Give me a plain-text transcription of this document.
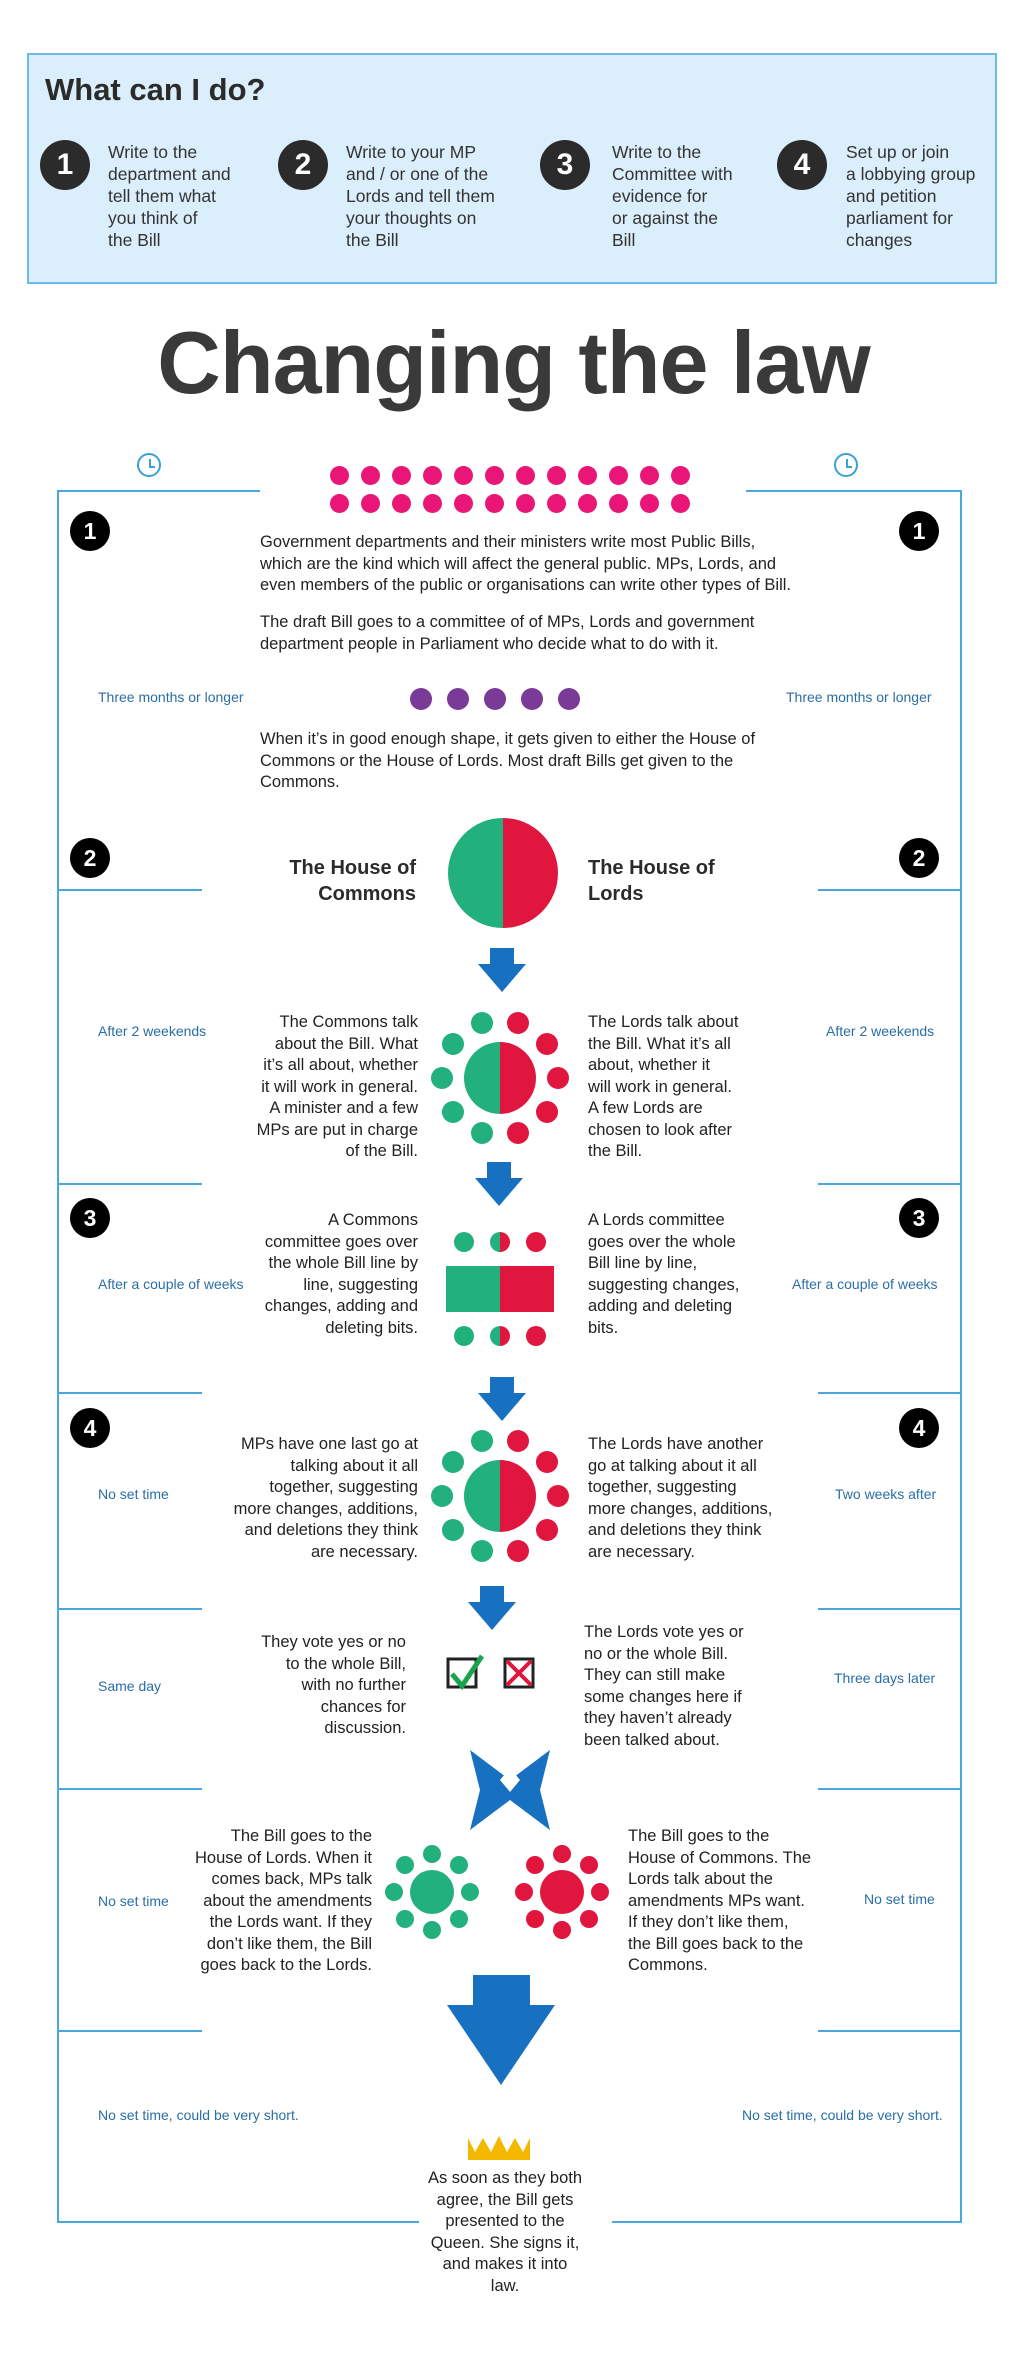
What can I do?
1	Write to the
department and
tell them what
you think of
the Bill
2	Write to your MP
and / or one of the
Lords and tell them
your thoughts on
the Bill
3	Write to the
Committee with
evidence for
or against the
Bill
4	Set up or join
a lobbying group
and petition
parliament for
changes
Changing the law
1	1
2	2
3	3
4	4
Three months or longer	Three months or longer
After 2 weekends	After 2 weekends
After a couple of weeks	After a couple of weeks
No set time	Two weeks after
Same day	Three days later
No set time	No set time
No set time, could be very short.	No set time, could be very short.
Government departments and their ministers write most Public Bills,
which are the kind which will affect the general public. MPs, Lords, and
even members of the public or organisations can write other types of Bill.
The draft Bill goes to a committee of of MPs, Lords and government
department people in Parliament who decide what to do with it.
When it’s in good enough shape, it gets given to either the House of
Commons or the House of Lords. Most draft Bills get given to the
Commons.
The House of
Commons
The House of
Lords
The Commons talk
about the Bill. What
it’s all about, whether
it will work in general.
A minister and a few
MPs are put in charge
of the Bill.
The Lords talk about
the Bill. What it’s all
about, whether it
will work in general.
A few Lords are
chosen to look after
the Bill.
A Commons
committee goes over
the whole Bill line by
line, suggesting
changes, adding and
deleting bits.
A Lords committee
goes over the whole
Bill line by line,
suggesting changes,
adding and deleting
bits.
MPs have one last go at
talking about it all
together, suggesting
more changes, additions,
and deletions they think
are necessary.
The Lords have another
go at talking about it all
together, suggesting
more changes, additions,
and deletions they think
are necessary.
They vote yes or no
to the whole Bill,
with no further
chances for
discussion.
The Lords vote yes or
no or the whole Bill.
They can still make
some changes here if
they haven’t already
been talked about.
The Bill goes to the
House of Lords. When it
comes back, MPs talk
about the amendments
the Lords want. If they
don’t like them, the Bill
goes back to the Lords.
The Bill goes to the
House of Commons. The
Lords talk about the
amendments MPs want.
If they don’t like them,
the Bill goes back to the
Commons.
As soon as they both
agree, the Bill gets
presented to the
Queen. She signs it,
and makes it into
law.
